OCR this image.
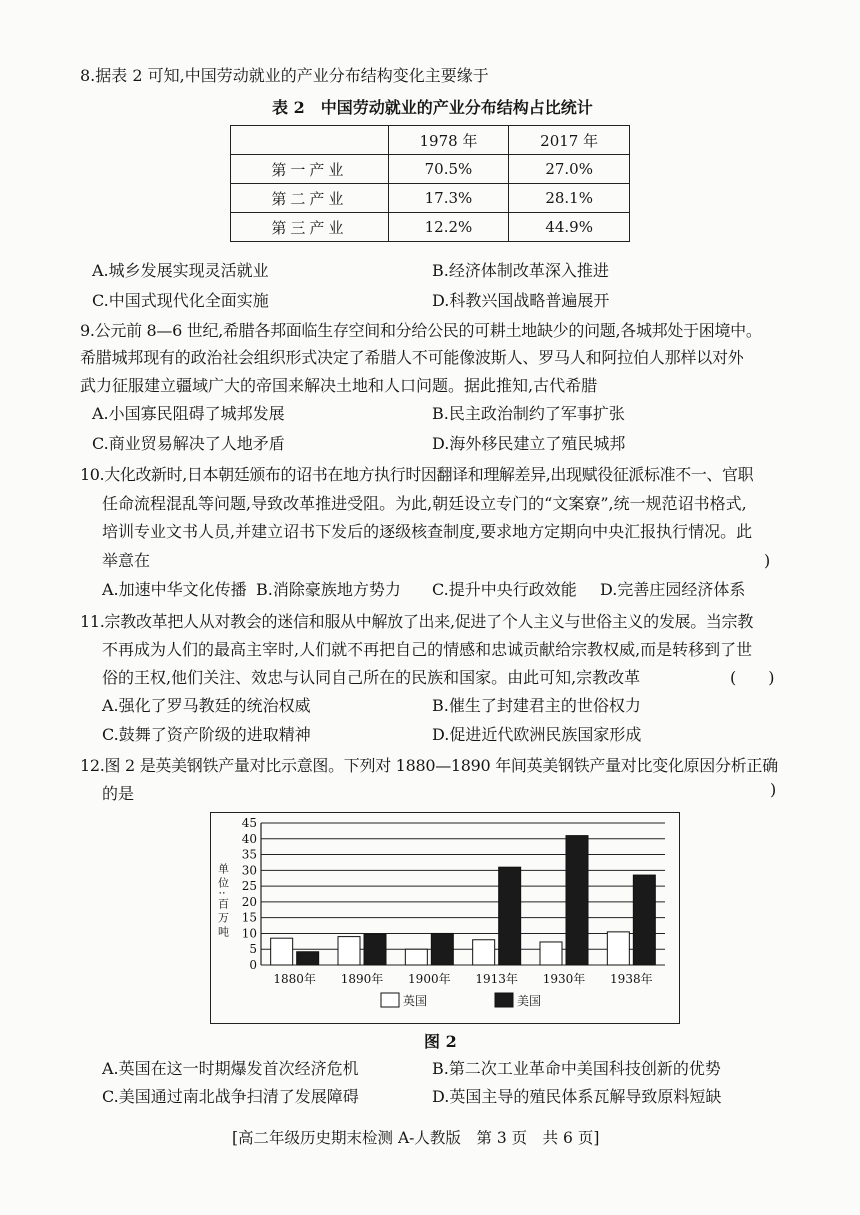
8.据表 2 可知,中国劳动就业的产业分布结构变化主要缘于
表 2　中国劳动就业的产业分布结构占比统计
	1978 年	2017 年
第一产业	70.5%	27.0%
第二产业	17.3%	28.1%
第三产业	12.2%	44.9%
A.城乡发展实现灵活就业	B.经济体制改革深入推进
C.中国式现代化全面实施	D.科教兴国战略普遍展开
9.公元前 8—6 世纪,希腊各邦面临生存空间和分给公民的可耕土地缺少的问题,各城邦处于困境中。
希腊城邦现有的政治社会组织形式决定了希腊人不可能像波斯人、罗马人和阿拉伯人那样以对外
武力征服建立疆域广大的帝国来解决土地和人口问题。据此推知,古代希腊
A.小国寡民阻碍了城邦发展	B.民主政治制约了军事扩张
C.商业贸易解决了人地矛盾	D.海外移民建立了殖民城邦
10.大化改新时,日本朝廷颁布的诏书在地方执行时因翻译和理解差异,出现赋役征派标准不一、官职
任命流程混乱等问题,导致改革推进受阻。为此,朝廷设立专门的“文案寮”,统一规范诏书格式,
培训专业文书人员,并建立诏书下发后的逐级核查制度,要求地方定期向中央汇报执行情况。此
举意在	)
A.加速中华文化传播 B.消除豪族地方势力 C.提升中央行政效能 D.完善庄园经济体系
11.宗教改革把人从对教会的迷信和服从中解放了出来,促进了个人主义与世俗主义的发展。当宗教
不再成为人们的最高主宰时,人们就不再把自己的情感和忠诚贡献给宗教权威,而是转移到了世
俗的王权,他们关注、效忠与认同自己所在的民族和国家。由此可知,宗教改革	(　　)
A.强化了罗马教廷的统治权威	B.催生了封建君主的世俗权力
C.鼓舞了资产阶级的进取精神	D.促进近代欧洲民族国家形成
12.图 2 是英美钢铁产量对比示意图。下列对 1880—1890 年间英美钢铁产量对比变化原因分析正确
的是	)
0
5
10
15
20
25
30
35
40
45
单位:百万吨
1880年 1890年 1900年 1913年 1930年 1938年
英国	美国
图 2
A.英国在这一时期爆发首次经济危机	B.第二次工业革命中美国科技创新的优势
C.美国通过南北战争扫清了发展障碍	D.英国主导的殖民体系瓦解导致原料短缺
[高二年级历史期末检测 A-人教版　第 3 页　共 6 页]
